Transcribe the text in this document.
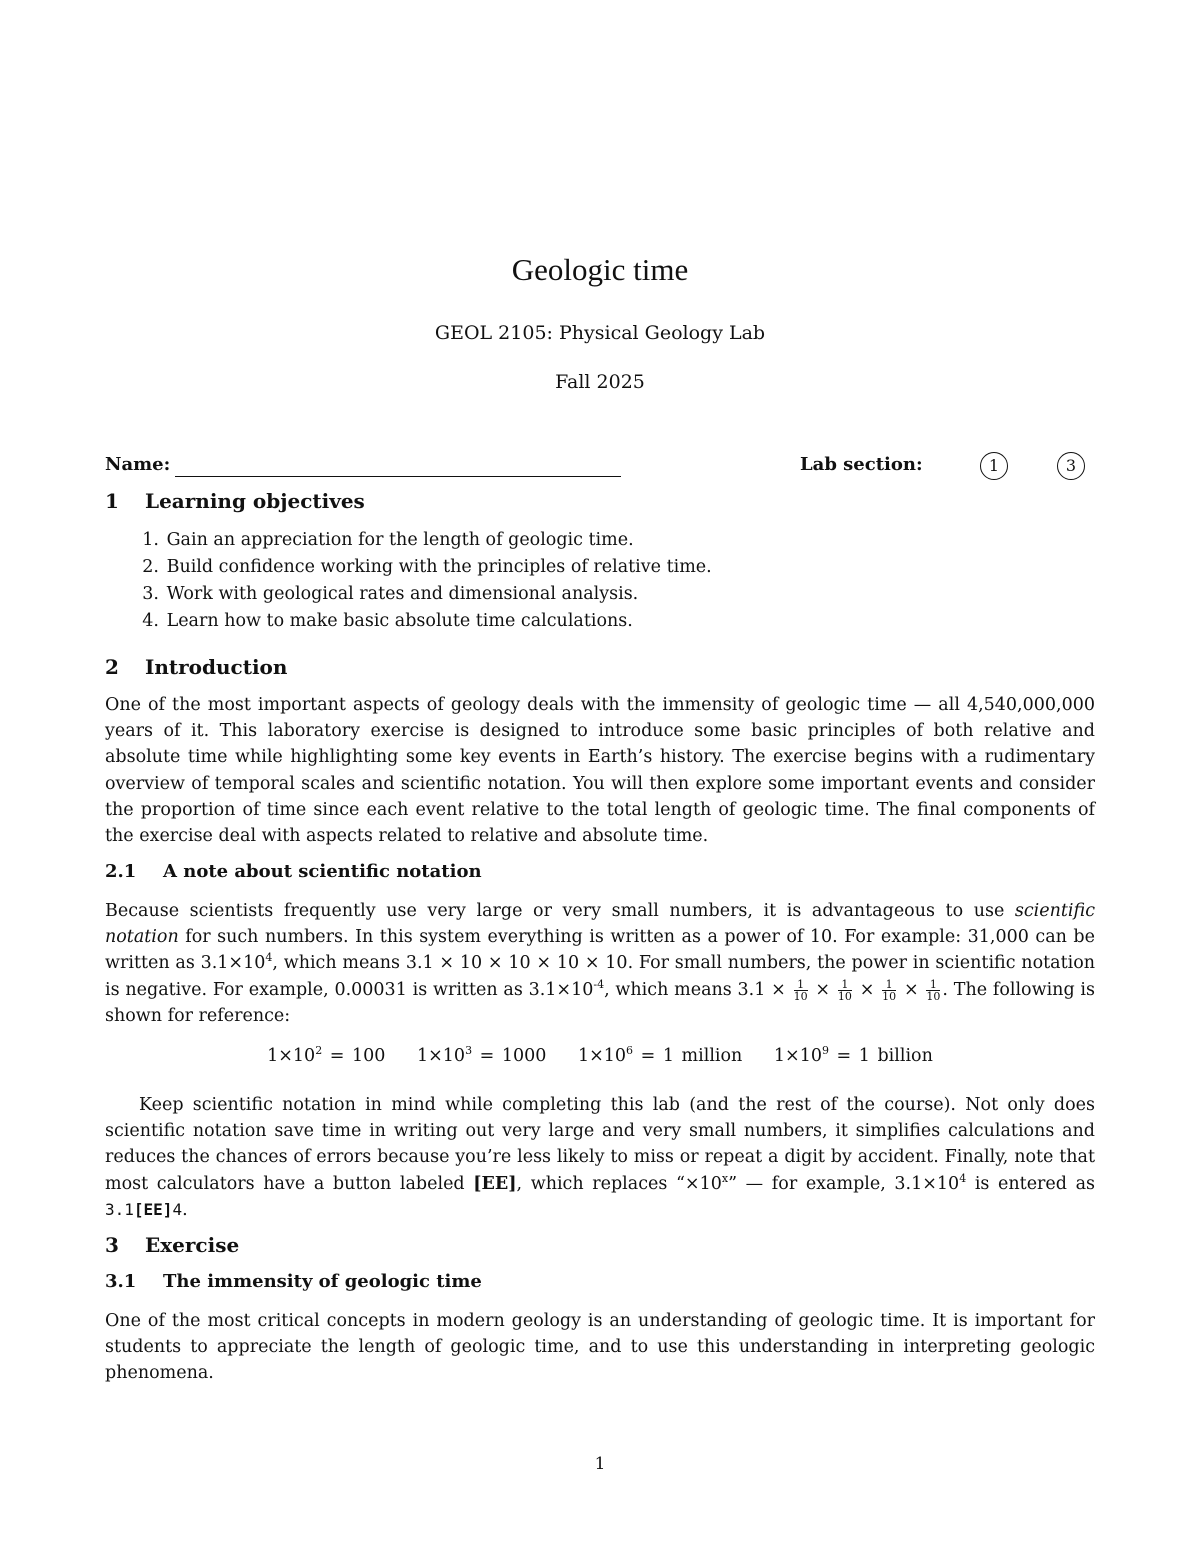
Geologic time
GEOL 2105: Physical Geology Lab
Fall 2025
Name:	Lab section:	1	3
1 Learning objectives
1. Gain an appreciation for the length of geologic time.
2. Build confidence working with the principles of relative time.
3. Work with geological rates and dimensional analysis.
4. Learn how to make basic absolute time calculations.
2 Introduction

One of the most important aspects of geology deals with the immensity of geologic time — all 4,540,000,000 years of it. This laboratory exercise is designed to introduce some basic principles of both relative and absolute time while highlighting some key events in Earth’s history. The exercise begins with a rudimentary overview of temporal scales and scientific notation. You will then explore some important events and consider the proportion of time since each event relative to the total length of geologic time. The final components of the exercise deal with aspects related to relative and absolute time.

2.1 A note about scientific notation

Because scientists frequently use very large or very small numbers, it is advantageous to use scientific notation for such numbers. In this system everything is written as a power of 10. For example: 31,000 can be written as $3.1\times 10^4$, which means 3.1 × 10 × 10 × 10 × 10. For small numbers, the power in scientific notation is negative. For example, 0.00031 is written as $3.1\times 10^{-4}$, which means $3.1 \times \frac{1}{10} \times \frac{1}{10} \times \frac{1}{10} \times \frac{1}{10}$ . The following is shown for reference:

$1\times 10^2 = 100$ $1\times 10^3 = 1000$ $1\times 10^6 = 1$ million $1\times 10^9 = 1$ billion

Keep scientific notation in mind while completing this lab (and the rest of the course). Not only does scientific notation save time in writing out very large and very small numbers, it simplifies calculations and reduces the chances of errors because you’re less likely to miss or repeat a digit by accident. Finally, note that most calculators have a button labeled [EE], which replaces “$\times 10^x$” — for example, $3.1\times 10^4$ is entered as 3.1[EE]4.

3 Exercise
3.1 The immensity of geologic time

One of the most critical concepts in modern geology is an understanding of geologic time. It is important for students to appreciate the length of geologic time, and to use this understanding in interpreting geologic phenomena.

1
